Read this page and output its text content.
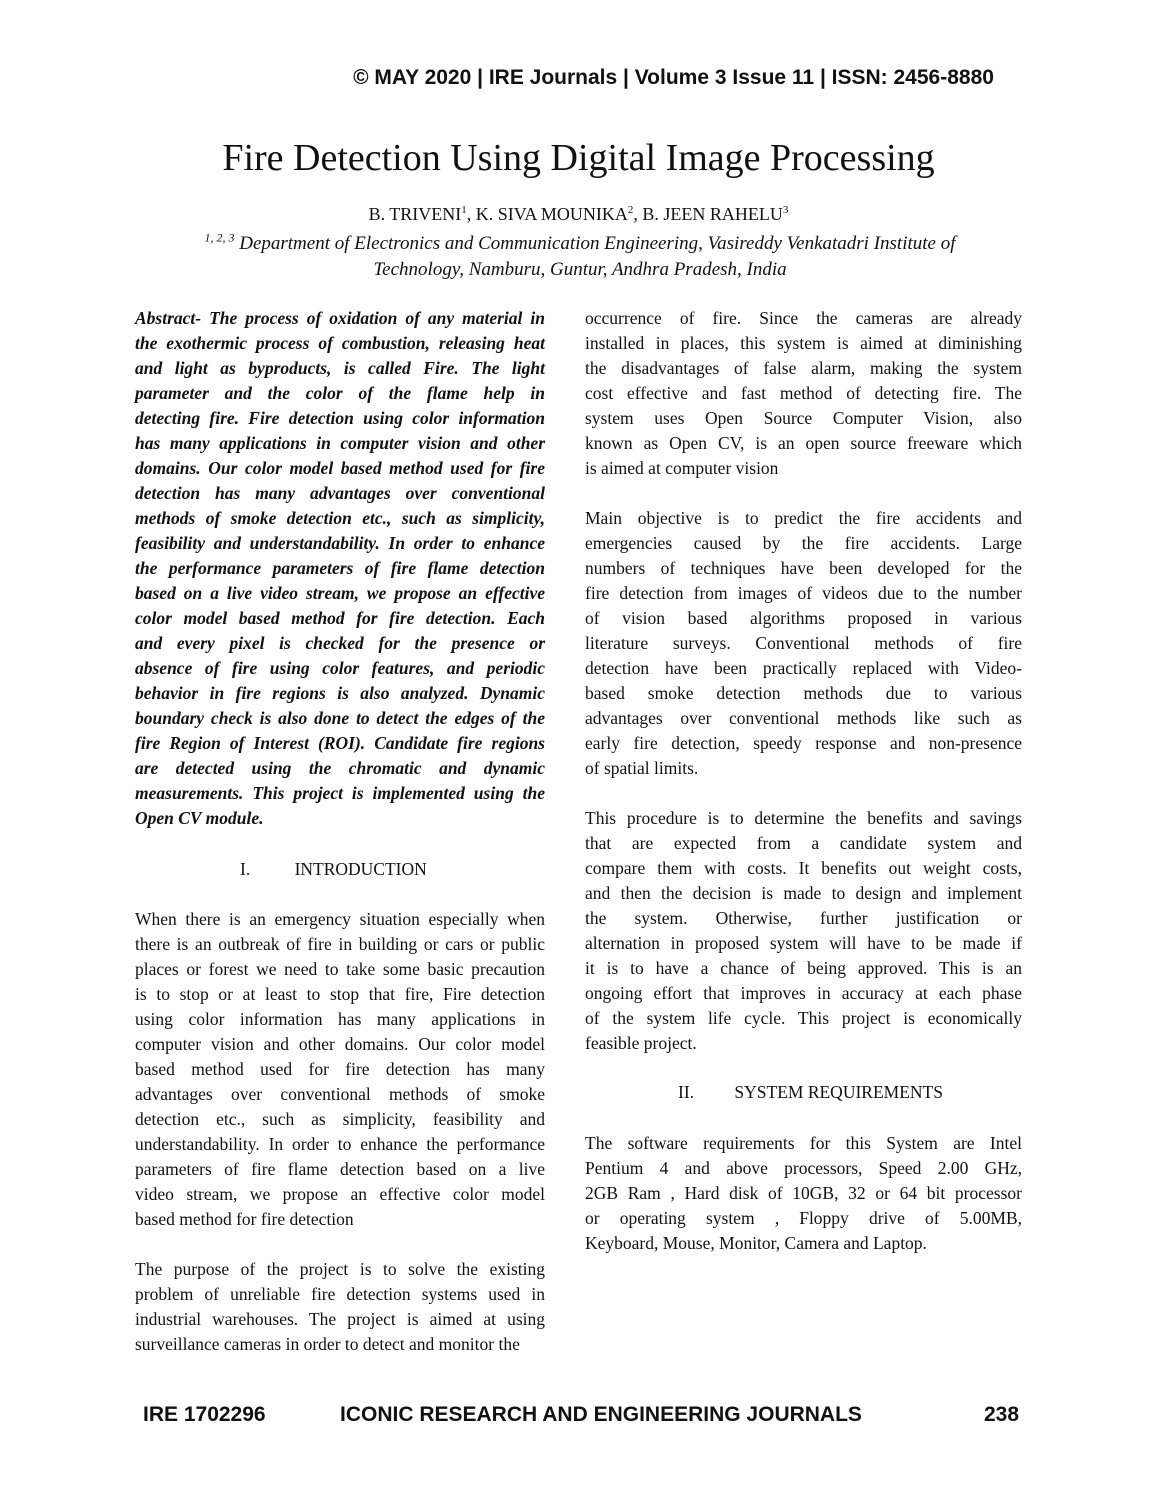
© MAY 2020 | IRE Journals | Volume 3 Issue 11 | ISSN: 2456-8880
Fire Detection Using Digital Image Processing
B. TRIVENI$^1$, K. SIVA MOUNIKA$^2$, B. JEEN RAHELU$^3$
$^{1, 2, 3}$ Department of Electronics and Communication Engineering, Vasireddy Venkatadri Institute of
Technology, Namburu, Guntur, Andhra Pradesh, India
Abstract- The process of oxidation of any material in
the exothermic process of combustion, releasing heat
and light as byproducts, is called Fire. The light
parameter and the color of the flame help in
detecting fire. Fire detection using color information
has many applications in computer vision and other
domains. Our color model based method used for fire
detection has many advantages over conventional
methods of smoke detection etc., such as simplicity,
feasibility and understandability. In order to enhance
the performance parameters of fire flame detection
based on a live video stream, we propose an effective
color model based method for fire detection. Each
and every pixel is checked for the presence or
absence of fire using color features, and periodic
behavior in fire regions is also analyzed. Dynamic
boundary check is also done to detect the edges of the
fire Region of Interest (ROI). Candidate fire regions
are detected using the chromatic and dynamic
measurements. This project is implemented using the
Open CV module.
I.	INTRODUCTION
When there is an emergency situation especially when
there is an outbreak of fire in building or cars or public
places or forest we need to take some basic precaution
is to stop or at least to stop that fire, Fire detection
using color information has many applications in
computer vision and other domains. Our color model
based method used for fire detection has many
advantages over conventional methods of smoke
detection etc., such as simplicity, feasibility and
understandability. In order to enhance the performance
parameters of fire flame detection based on a live
video stream, we propose an effective color model
based method for fire detection
The purpose of the project is to solve the existing
problem of unreliable fire detection systems used in
industrial warehouses. The project is aimed at using
surveillance cameras in order to detect and monitor the
occurrence of fire. Since the cameras are already
installed in places, this system is aimed at diminishing
the disadvantages of false alarm, making the system
cost effective and fast method of detecting fire. The
system uses Open Source Computer Vision, also
known as Open CV, is an open source freeware which
is aimed at computer vision
Main objective is to predict the fire accidents and
emergencies caused by the fire accidents. Large
numbers of techniques have been developed for the
fire detection from images of videos due to the number
of vision based algorithms proposed in various
literature surveys. Conventional methods of fire
detection have been practically replaced with Video-
based smoke detection methods due to various
advantages over conventional methods like such as
early fire detection, speedy response and non-presence
of spatial limits.
This procedure is to determine the benefits and savings
that are expected from a candidate system and
compare them with costs. It benefits out weight costs,
and then the decision is made to design and implement
the system. Otherwise, further justification or
alternation in proposed system will have to be made if
it is to have a chance of being approved. This is an
ongoing effort that improves in accuracy at each phase
of the system life cycle. This project is economically
feasible project.
II. SYSTEM REQUIREMENTS
The software requirements for this System are Intel
Pentium 4 and above processors, Speed 2.00 GHz,
2GB Ram , Hard disk of 10GB, 32 or 64 bit processor
or operating system , Floppy drive of 5.00MB,
Keyboard, Mouse, Monitor, Camera and Laptop.
IRE 1702296	ICONIC RESEARCH AND ENGINEERING JOURNALS	238
